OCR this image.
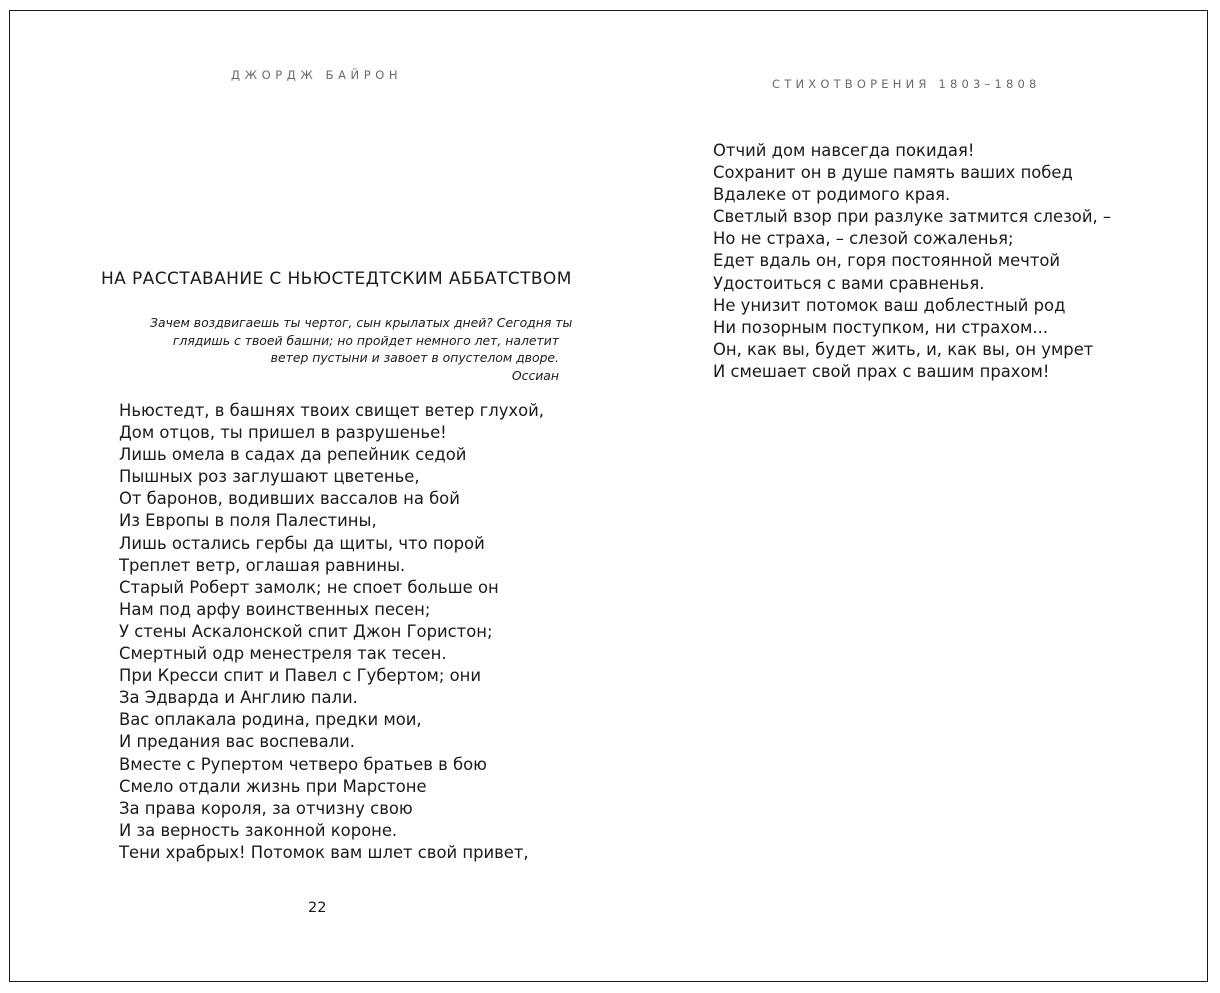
ДЖОРДЖ БАЙРОН
НА РАССТАВАНИЕ С НЬЮСТЕДТСКИМ АББАТСТВОМ
Зачем воздвигаешь ты чертог, сын крылатых дней? Сегодня ты
глядишь с твоей башни; но пройдет немного лет, налетит
ветер пустыни и завоет в опустелом дворе.
Оссиан
Ньюстедт, в башнях твоих свищет ветер глухой,
Дом отцов, ты пришел в разрушенье!
Лишь омела в садах да репейник седой
Пышных роз заглушают цветенье,
От баронов, водивших вассалов на бой
Из Европы в поля Палестины,
Лишь остались гербы да щиты, что порой
Треплет ветр, оглашая равнины.
Старый Роберт замолк; не споет больше он
Нам под арфу воинственных песен;
У стены Аскалонской спит Джон Гористон;
Смертный одр менестреля так тесен.
При Кресси спит и Павел с Губертом; они
За Эдварда и Англию пали.
Вас оплакала родина, предки мои,
И предания вас воспевали.
Вместе с Рупертом четверо братьев в бою
Смело отдали жизнь при Марстоне
За права короля, за отчизну свою
И за верность законной короне.
Тени храбрых! Потомок вам шлет свой привет,
22
СТИХОТВОРЕНИЯ 1803–1808
Отчий дом навсегда покидая!
Сохранит он в душе память ваших побед
Вдалеке от родимого края.
Светлый взор при разлуке затмится слезой, –
Но не страха, – слезой сожаленья;
Едет вдаль он, горя постоянной мечтой
Удостоиться с вами сравненья.
Не унизит потомок ваш доблестный род
Ни позорным поступком, ни страхом...
Он, как вы, будет жить, и, как вы, он умрет
И смешает свой прах с вашим прахом!
